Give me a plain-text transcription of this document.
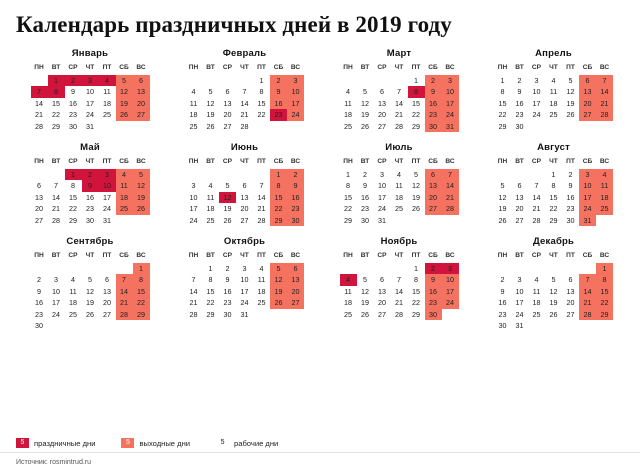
Календарь праздничных дней в 2019 году
Январь
ПН	ВТ	СР	ЧТ	ПТ	СБ	ВС
	1	2	3	4	5	6
7	8	9	10	11	12	13
14	15	16	17	18	19	20
21	22	23	24	25	26	27
28	29	30	31			
Февраль
ПН	ВТ	СР	ЧТ	ПТ	СБ	ВС
				1	2	3
4	5	6	7	8	9	10
11	12	13	14	15	16	17
18	19	20	21	22	23	24
25	26	27	28			
Март
ПН	ВТ	СР	ЧТ	ПТ	СБ	ВС
				1	2	3
4	5	6	7	8	9	10
11	12	13	14	15	16	17
18	19	20	21	22	23	24
25	26	27	28	29	30	31
Апрель
ПН	ВТ	СР	ЧТ	ПТ	СБ	ВС
1	2	3	4	5	6	7
8	9	10	11	12	13	14
15	16	17	18	19	20	21
22	23	24	25	26	27	28
29	30					
Май
ПН	ВТ	СР	ЧТ	ПТ	СБ	ВС
		1	2	3	4	5
6	7	8	9	10	11	12
13	14	15	16	17	18	19
20	21	22	23	24	25	26
27	28	29	30	31		
Июнь
ПН	ВТ	СР	ЧТ	ПТ	СБ	ВС
					1	2
3	4	5	6	7	8	9
10	11	12	13	14	15	16
17	18	19	20	21	22	23
24	25	26	27	28	29	30
Июль
ПН	ВТ	СР	ЧТ	ПТ	СБ	ВС
1	2	3	4	5	6	7
8	9	10	11	12	13	14
15	16	17	18	19	20	21
22	23	24	25	26	27	28
29	30	31				
Август
ПН	ВТ	СР	ЧТ	ПТ	СБ	ВС
			1	2	3	4
5	6	7	8	9	10	11
12	13	14	15	16	17	18
19	20	21	22	23	24	25
26	27	28	29	30	31	
Сентябрь
ПН	ВТ	СР	ЧТ	ПТ	СБ	ВС
						1
2	3	4	5	6	7	8
9	10	11	12	13	14	15
16	17	18	19	20	21	22
23	24	25	26	27	28	29
30						
Октябрь
ПН	ВТ	СР	ЧТ	ПТ	СБ	ВС
	1	2	3	4	5	6
7	8	9	10	11	12	13
14	15	16	17	18	19	20
21	22	23	24	25	26	27
28	29	30	31			
Ноябрь
ПН	ВТ	СР	ЧТ	ПТ	СБ	ВС
				1	2	3
4	5	6	7	8	9	10
11	12	13	14	15	16	17
18	19	20	21	22	23	24
25	26	27	28	29	30	
Декабрь
ПН	ВТ	СР	ЧТ	ПТ	СБ	ВС
						1
2	3	4	5	6	7	8
9	10	11	12	13	14	15
16	17	18	19	20	21	22
23	24	25	26	27	28	29
30	31					
5	праздничные дни	5	выходные дни	5	рабочие дни
Источник: rosmintrud.ru
